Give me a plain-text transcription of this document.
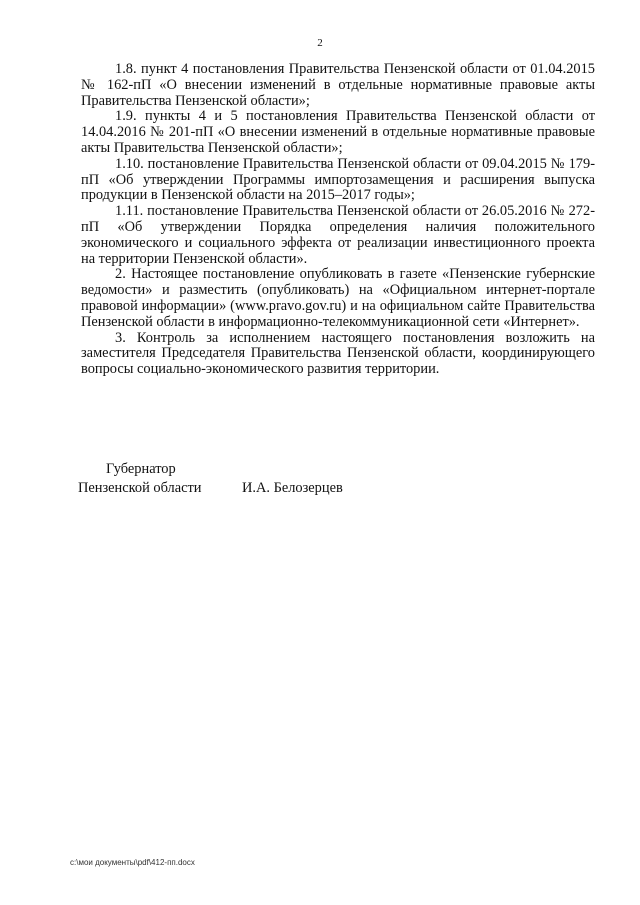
2

1.8. пункт 4 постановления Правительства Пензенской области от 01.04.2015 № 162-пП «О внесении изменений в отдельные нормативные правовые акты Правительства Пензенской области»;

1.9. пункты 4 и 5 постановления Правительства Пензенской области от 14.04.2016 № 201-пП «О внесении изменений в отдельные нормативные правовые акты Правительства Пензенской области»;

1.10. постановление Правительства Пензенской области от 09.04.2015 № 179-пП «Об утверждении Программы импортозамещения и расширения выпуска продукции в Пензенской области на 2015–2017 годы»;

1.11. постановление Правительства Пензенской области от 26.05.2016 № 272-пП «Об утверждении Порядка определения наличия положительного экономического и социального эффекта от реализации инвестиционного проекта на территории Пензенской области».

2. Настоящее постановление опубликовать в газете «Пензенские губернские ведомости» и разместить (опубликовать) на «Официальном интернет-портале правовой информации» (www.pravo.gov.ru) и на официальном сайте Правительства Пензенской области в информационно-телекоммуникационной сети «Интернет».

3. Контроль за исполнением настоящего постановления возложить на заместителя Председателя Правительства Пензенской области, координирующего вопросы социально-экономического развития территории.

Губернатор
Пензенской области	И.А. Белозерцев
c:\мои документы\pdf\412-пп.docx
